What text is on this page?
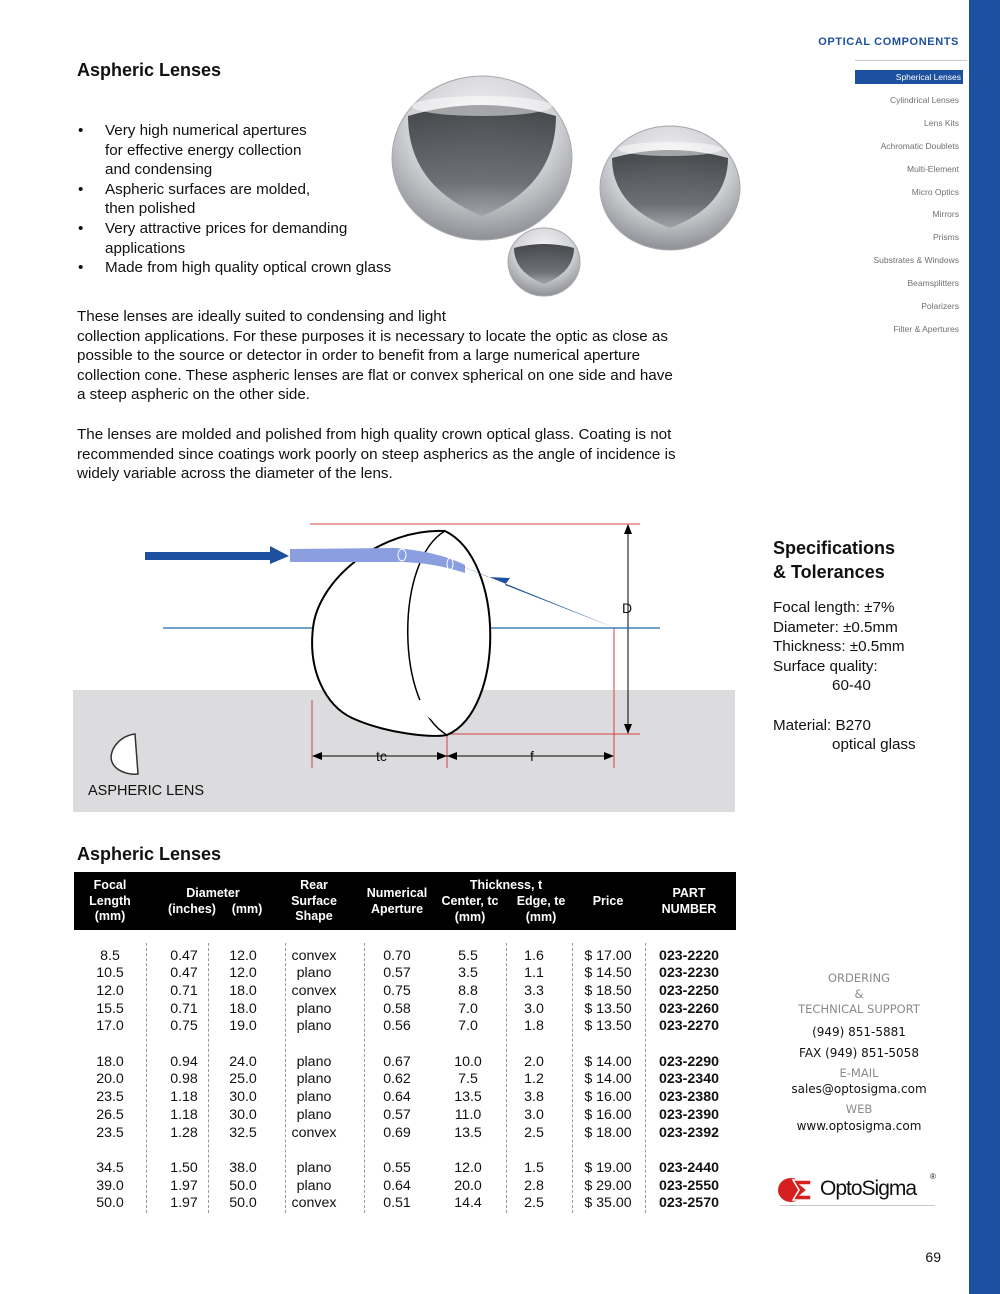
OPTICAL COMPONENTS
Spherical Lenses
Cylindrical Lenses
Lens Kits
Achromatic Doublets
Multi-Element
Micro Optics
Mirrors
Prisms
Substrates & Windows
Beamsplitters
Polarizers
Filter & Apertures
Aspheric Lenses
• Very high numerical apertures
for effective energy collection
and condensing
• Aspheric surfaces are molded,
then polished
• Very attractive prices for demanding
applications
• Made from high quality optical crown glass
These lenses are ideally suited to condensing and light
collection applications. For these purposes it is necessary to locate the optic as close as
possible to the source or detector in order to benefit from a large numerical aperture
collection cone. These aspheric lenses are flat or convex spherical on one side and have
a steep aspheric on the other side.
The lenses are molded and polished from high quality crown optical glass. Coating is not
recommended since coatings work poorly on steep aspherics as the angle of incidence is
widely variable across the diameter of the lens.
D
tc	f
ASPHERIC LENS
Specifications
& Tolerances
Focal length: ±7%
Diameter: ±0.5mm
Thickness: ±0.5mm
Surface quality:
60-40
Material: B270
optical glass
Aspheric Lenses
Focal
Length
(mm)
Diameter
(inches)	(mm)
Rear
Surface
Shape
Numerical
Aperture
Thickness, t
Center, tc
(mm)
Edge, te
(mm)
Price
PART
NUMBER
8.5	0.47	12.0	convex	0.70	5.5	1.6	$ 17.00	023-2220
10.5	0.47	12.0	plano	0.57	3.5	1.1	$ 14.50	023-2230
12.0	0.71	18.0	convex	0.75	8.8	3.3	$ 18.50	023-2250
15.5	0.71	18.0	plano	0.58	7.0	3.0	$ 13.50	023-2260
17.0	0.75	19.0	plano	0.56	7.0	1.8	$ 13.50	023-2270
18.0	0.94	24.0	plano	0.67	10.0	2.0	$ 14.00	023-2290
20.0	0.98	25.0	plano	0.62	7.5	1.2	$ 14.00	023-2340
23.5	1.18	30.0	plano	0.64	13.5	3.8	$ 16.00	023-2380
26.5	1.18	30.0	plano	0.57	11.0	3.0	$ 16.00	023-2390
23.5	1.28	32.5	convex	0.69	13.5	2.5	$ 18.00	023-2392
34.5	1.50	38.0	plano	0.55	12.0	1.5	$ 19.00	023-2440
39.0	1.97	50.0	plano	0.64	20.0	2.8	$ 29.00	023-2550
50.0	1.97	50.0	convex	0.51	14.4	2.5	$ 35.00	023-2570
ORDERING
&
TECHNICAL SUPPORT
(949) 851-5881
FAX (949) 851-5058
E-MAIL
sales@optosigma.com
WEB
www.optosigma.com
OptoSigma
®
69
